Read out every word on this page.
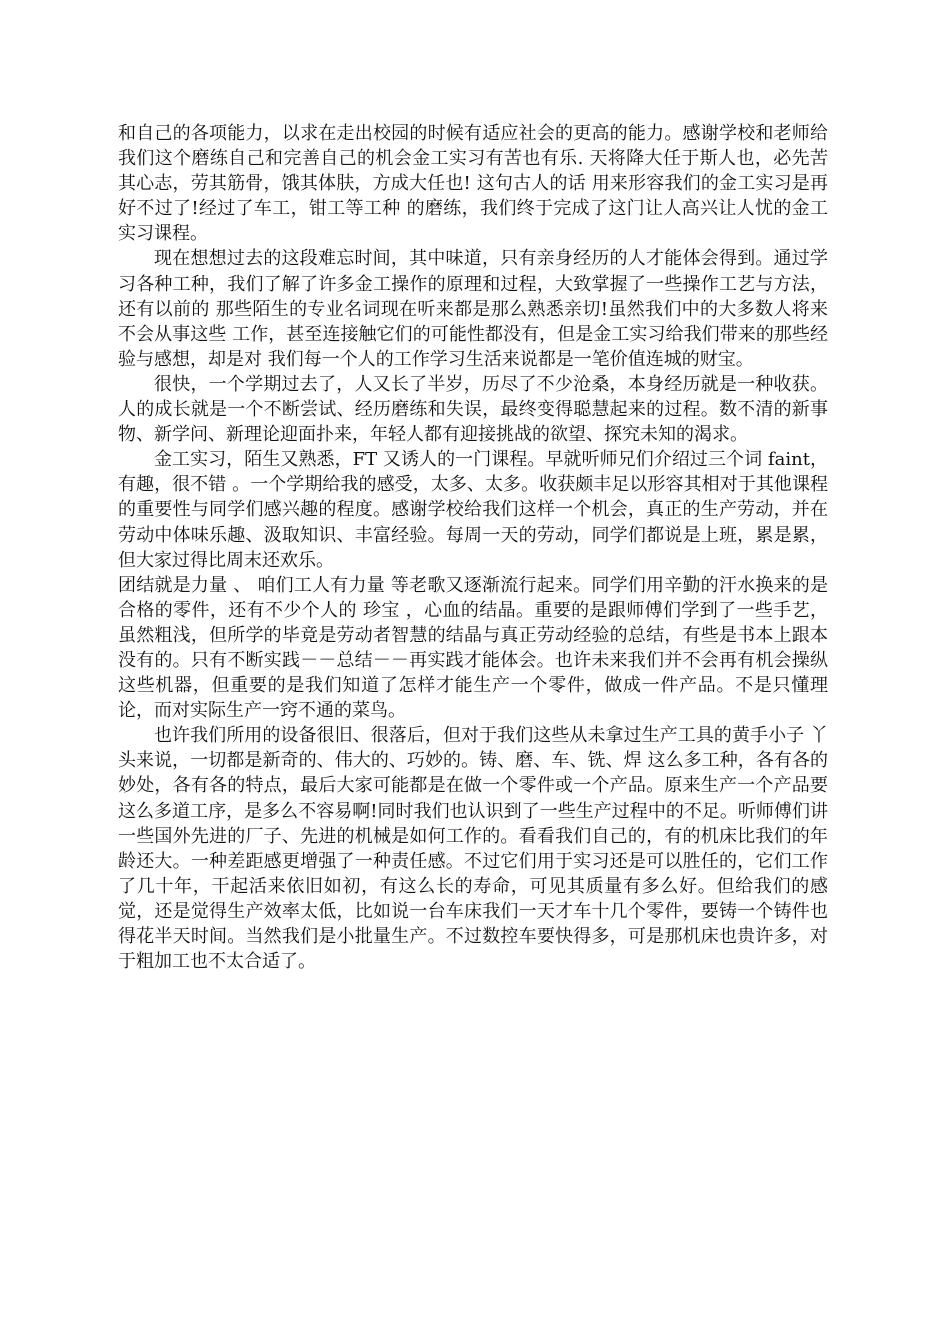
和自己的各项能力，以求在走出校园的时候有适应社会的更高的能力。感谢学校和老师给我们这个磨练自己和完善自己的机会金工实习有苦也有乐. 天将降大任于斯人也，必先苦其心志，劳其筋骨，饿其体肤，方成大任也! 这句古人的话 用来形容我们的金工实习是再好不过了!经过了车工，钳工等工种 的磨练，我们终于完成了这门让人高兴让人忧的金工实习课程。

现在想想过去的这段难忘时间，其中味道，只有亲身经历的人才能体会得到。通过学习各种工种，我们了解了许多金工操作的原理和过程，大致掌握了一些操作工艺与方法，还有以前的 那些陌生的专业名词现在听来都是那么熟悉亲切!虽然我们中的大多数人将来不会从事这些 工作，甚至连接触它们的可能性都没有，但是金工实习给我们带来的那些经验与感想，却是对 我们每一个人的工作学习生活来说都是一笔价值连城的财宝。

很快，一个学期过去了，人又长了半岁，历尽了不少沧桑，本身经历就是一种收获。人的成长就是一个不断尝试、经历磨练和失误，最终变得聪慧起来的过程。数不清的新事物、新学问、新理论迎面扑来，年轻人都有迎接挑战的欲望、探究未知的渴求。

金工实习，陌生又熟悉，FT 又诱人的一门课程。早就听师兄们介绍过三个词 faint，有趣，很不错 。一个学期给我的感受，太多、太多。收获颇丰足以形容其相对于其他课程的重要性与同学们感兴趣的程度。感谢学校给我们这样一个机会，真正的生产劳动，并在劳动中体味乐趣、汲取知识、丰富经验。每周一天的劳动，同学们都说是上班，累是累，但大家过得比周末还欢乐。

团结就是力量 、 咱们工人有力量 等老歌又逐渐流行起来。同学们用辛勤的汗水换来的是合格的零件，还有不少个人的 珍宝 ，心血的结晶。重要的是跟师傅们学到了一些手艺，虽然粗浅，但所学的毕竟是劳动者智慧的结晶与真正劳动经验的总结，有些是书本上跟本没有的。只有不断实践－－总结－－再实践才能体会。也许未来我们并不会再有机会操纵这些机器，但重要的是我们知道了怎样才能生产一个零件，做成一件产品。不是只懂理论，而对实际生产一窍不通的菜鸟。

也许我们所用的设备很旧、很落后，但对于我们这些从未拿过生产工具的黄手小子 丫头来说，一切都是新奇的、伟大的、巧妙的。铸、磨、车、铣、焊 这么多工种，各有各的妙处，各有各的特点，最后大家可能都是在做一个零件或一个产品。原来生产一个产品要这么多道工序，是多么不容易啊!同时我们也认识到了一些生产过程中的不足。听师傅们讲一些国外先进的厂子、先进的机械是如何工作的。看看我们自己的，有的机床比我们的年龄还大。一种差距感更增强了一种责任感。不过它们用于实习还是可以胜任的，它们工作了几十年，干起活来依旧如初，有这么长的寿命，可见其质量有多么好。但给我们的感觉，还是觉得生产效率太低，比如说一台车床我们一天才车十几个零件，要铸一个铸件也得花半天时间。当然我们是小批量生产。不过数控车要快得多，可是那机床也贵许多，对于粗加工也不太合适了。
